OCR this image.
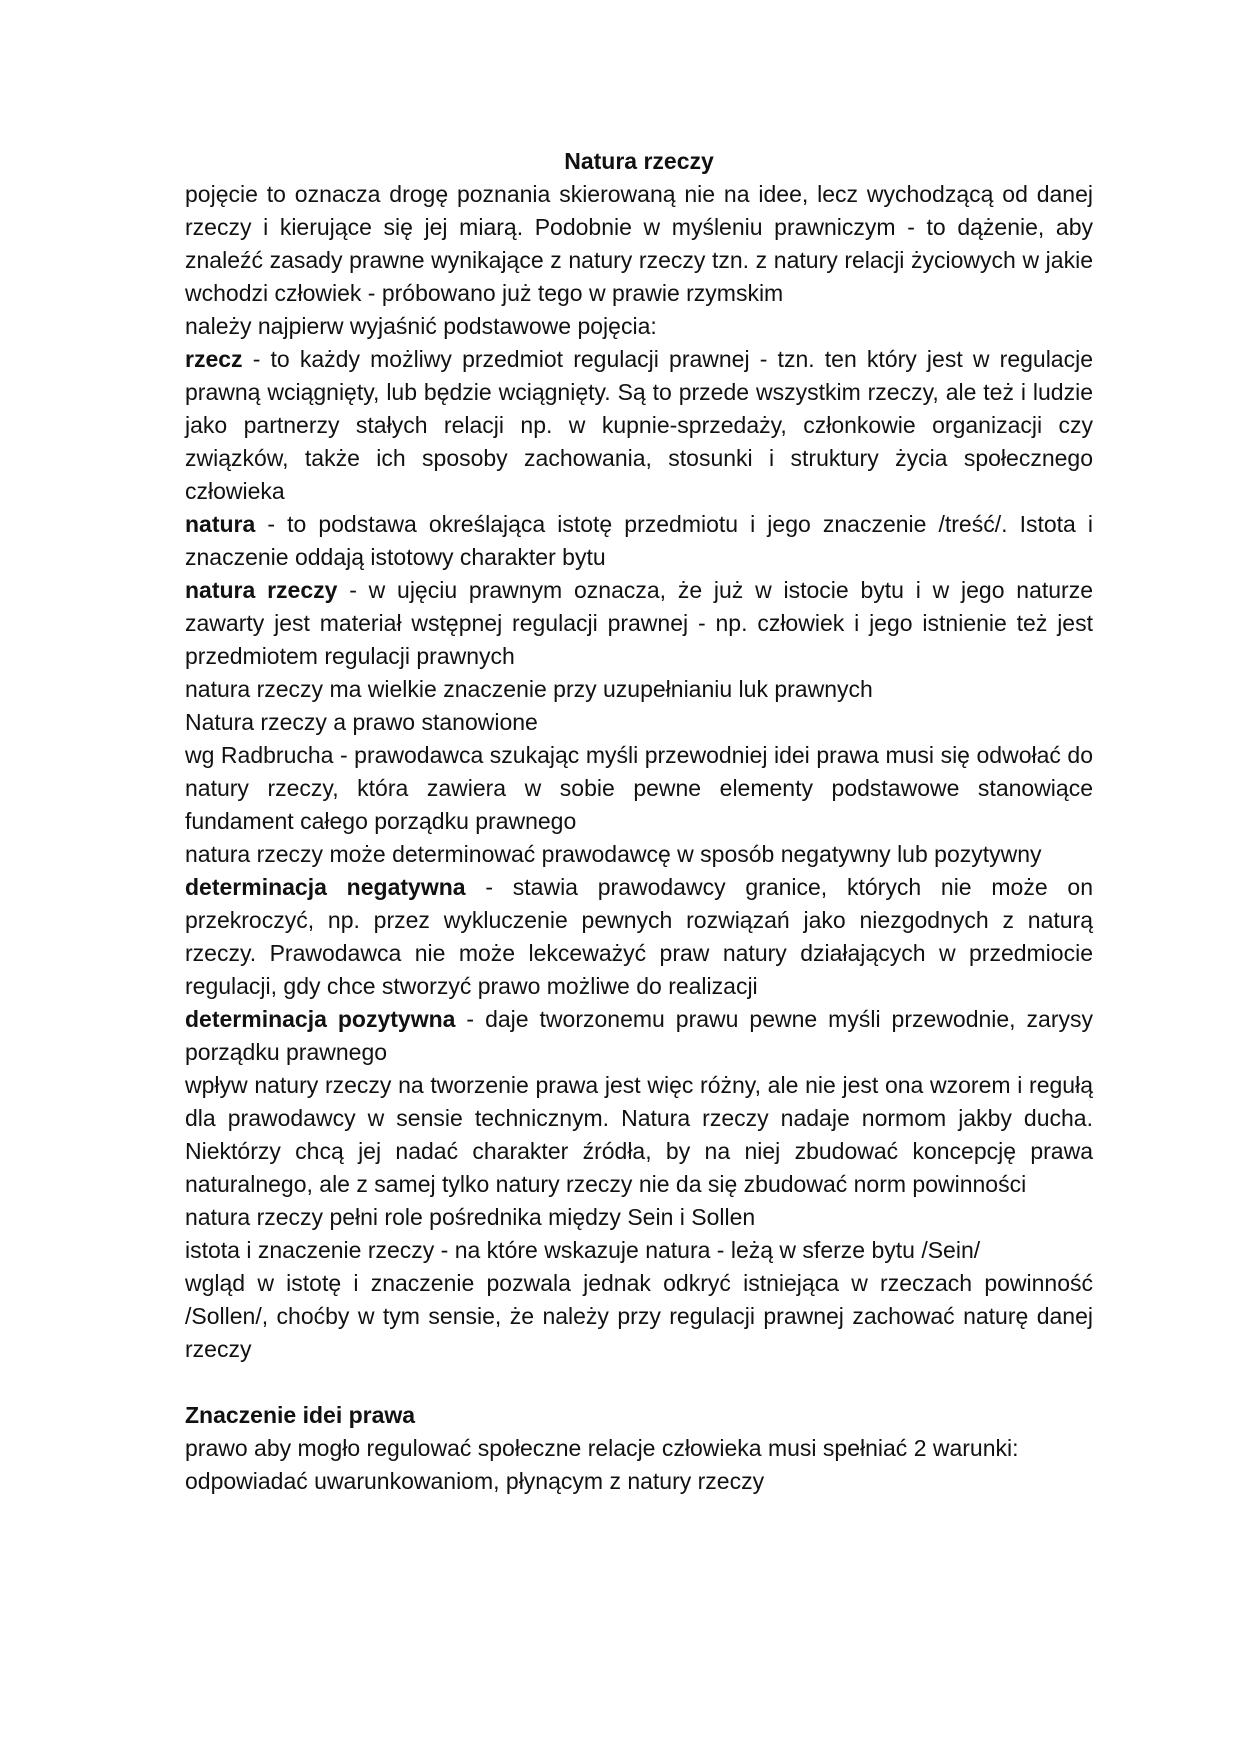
Natura rzeczy

pojęcie to oznacza drogę poznania skierowaną nie na idee, lecz wychodzącą od danej rzeczy i kierujące się jej miarą. Podobnie w myśleniu prawniczym - to dążenie, aby znaleźć zasady prawne wynikające z natury rzeczy tzn. z natury relacji życiowych w jakie wchodzi człowiek - próbowano już tego w prawie rzymskim

należy najpierw wyjaśnić podstawowe pojęcia:

rzecz - to każdy możliwy przedmiot regulacji prawnej - tzn. ten który jest w regulacje prawną wciągnięty, lub będzie wciągnięty. Są to przede wszystkim rzeczy, ale też i ludzie jako partnerzy stałych relacji np. w kupnie-sprzedaży, członkowie organizacji czy związków, także ich sposoby zachowania, stosunki i struktury życia społecznego człowieka

natura - to podstawa określająca istotę przedmiotu i jego znaczenie /treść/. Istota i znaczenie oddają istotowy charakter bytu

natura rzeczy - w ujęciu prawnym oznacza, że już w istocie bytu i w jego naturze zawarty jest materiał wstępnej regulacji prawnej - np. człowiek i jego istnienie też jest przedmiotem regulacji prawnych

natura rzeczy ma wielkie znaczenie przy uzupełnianiu luk prawnych

Natura rzeczy a prawo stanowione

wg Radbrucha - prawodawca szukając myśli przewodniej idei prawa musi się odwołać do natury rzeczy, która zawiera w sobie pewne elementy podstawowe stanowiące fundament całego porządku prawnego

natura rzeczy może determinować prawodawcę w sposób negatywny lub pozytywny

determinacja negatywna - stawia prawodawcy granice, których nie może on przekroczyć, np. przez wykluczenie pewnych rozwiązań jako niezgodnych z naturą rzeczy. Prawodawca nie może lekceważyć praw natury działających w przedmiocie regulacji, gdy chce stworzyć prawo możliwe do realizacji

determinacja pozytywna - daje tworzonemu prawu pewne myśli przewodnie, zarysy porządku prawnego

wpływ natury rzeczy na tworzenie prawa jest więc różny, ale nie jest ona wzorem i regułą dla prawodawcy w sensie technicznym. Natura rzeczy nadaje normom jakby ducha. Niektórzy chcą jej nadać charakter źródła, by na niej zbudować koncepcję prawa naturalnego, ale z samej tylko natury rzeczy nie da się zbudować norm powinności

natura rzeczy pełni role pośrednika między Sein i Sollen

istota i znaczenie rzeczy - na które wskazuje natura - leżą w sferze bytu /Sein/

wgląd w istotę i znaczenie pozwala jednak odkryć istniejąca w rzeczach powinność /Sollen/, choćby w tym sensie, że należy przy regulacji prawnej zachować naturę danej rzeczy

Znaczenie idei prawa

prawo aby mogło regulować społeczne relacje człowieka musi spełniać 2 warunki:

odpowiadać uwarunkowaniom, płynącym z natury rzeczy
